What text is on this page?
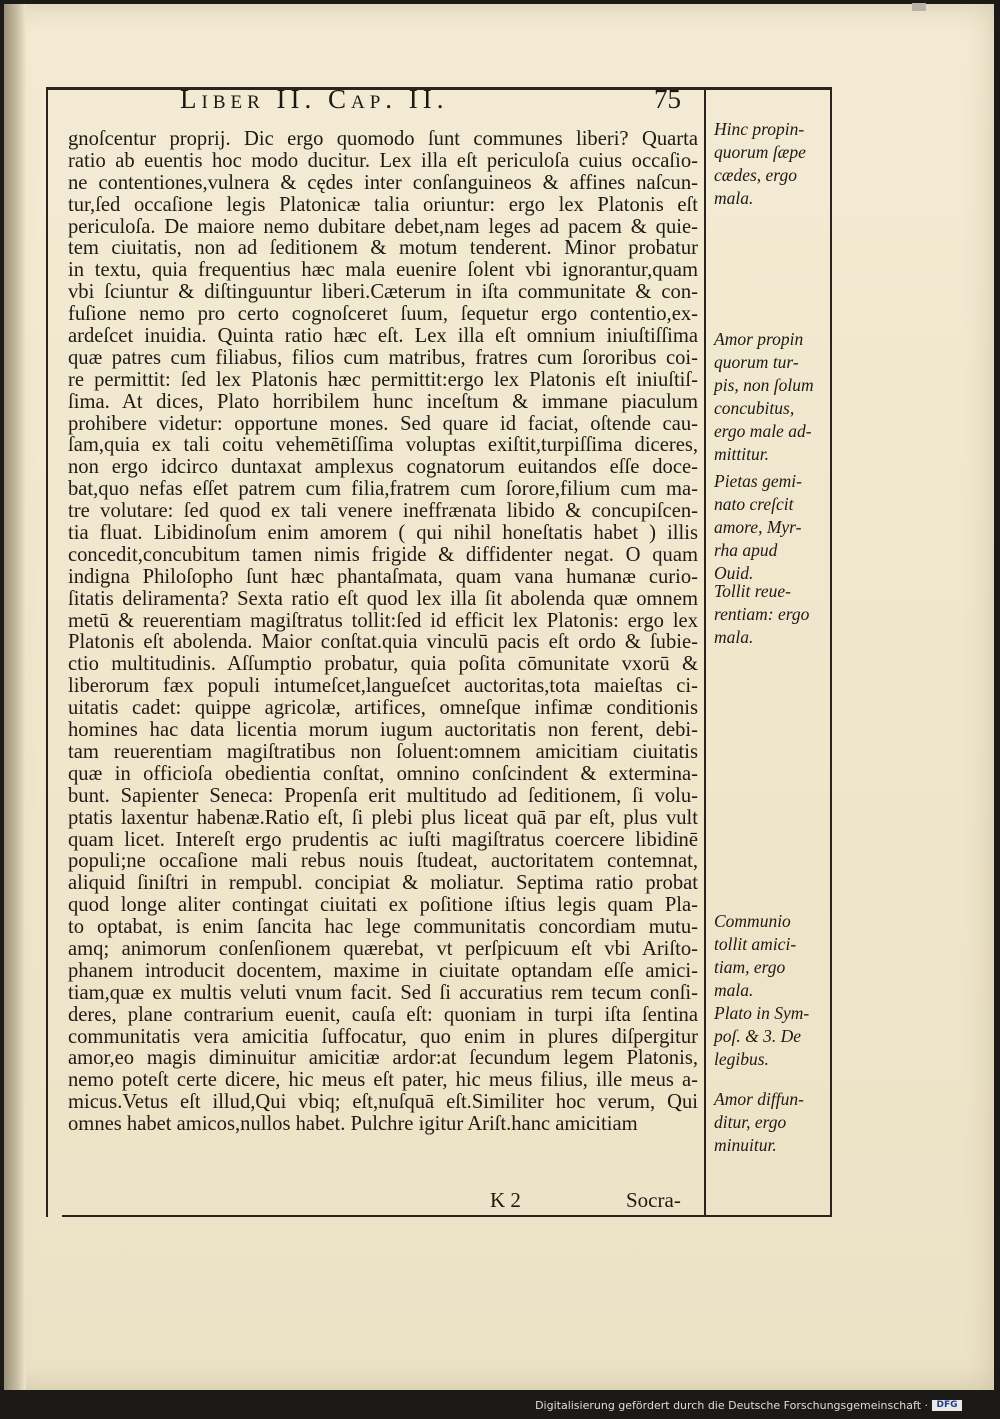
Liber II. Cap. II.	75
gnoſcentur proprij. Dic ergo quomodo ſunt communes liberi? Quarta
ratio ab euentis hoc modo ducitur. Lex illa eſt periculoſa cuius occaſio-
ne contentiones,vulnera & cędes inter conſanguineos & affines naſcun-
tur,ſed occaſione legis Platonicæ talia oriuntur: ergo lex Platonis eſt
periculoſa. De maiore nemo dubitare debet,nam leges ad pacem & quie-
tem ciuitatis, non ad ſeditionem & motum tenderent. Minor probatur
in textu, quia frequentius hæc mala euenire ſolent vbi ignorantur,quam
vbi ſciuntur & diſtinguuntur liberi.Cæterum in iſta communitate & con-
fuſione nemo pro certo cognoſceret ſuum, ſequetur ergo contentio,ex-
ardeſcet inuidia. Quinta ratio hæc eſt. Lex illa eſt omnium iniuſtiſſima
quæ patres cum filiabus, filios cum matribus, fratres cum ſororibus coi-
re permittit: ſed lex Platonis hæc permittit:ergo lex Platonis eſt iniuſtiſ-
ſima. At dices, Plato horribilem hunc inceſtum & immane piaculum
prohibere videtur: opportune mones. Sed quare id faciat, oſtende cau-
ſam,quia ex tali coitu vehemētiſſima voluptas exiſtit,turpiſſima diceres,
non ergo idcirco duntaxat amplexus cognatorum euitandos eſſe doce-
bat,quo nefas eſſet patrem cum filia,fratrem cum ſorore,filium cum ma-
tre volutare: ſed quod ex tali venere ineffrænata libido & concupiſcen-
tia fluat. Libidinoſum enim amorem ( qui nihil honeſtatis habet ) illis
concedit,concubitum tamen nimis frigide & diffidenter negat. O quam
indigna Philoſopho ſunt hæc phantaſmata, quam vana humanæ curio-
ſitatis deliramenta? Sexta ratio eſt quod lex illa ſit abolenda quæ omnem
metū & reuerentiam magiſtratus tollit:ſed id efficit lex Platonis: ergo lex
Platonis eſt abolenda. Maior conſtat.quia vinculū pacis eſt ordo & ſubie-
ctio multitudinis. Aſſumptio probatur, quia poſita cōmunitate vxorū &
liberorum fæx populi intumeſcet,langueſcet auctoritas,tota maieſtas ci-
uitatis cadet: quippe agricolæ, artifices, omneſque infimæ conditionis
homines hac data licentia morum iugum auctoritatis non ferent, debi-
tam reuerentiam magiſtratibus non ſoluent:omnem amicitiam ciuitatis
quæ in officioſa obedientia conſtat, omnino conſcindent & extermina-
bunt. Sapienter Seneca: Propenſa erit multitudo ad ſeditionem, ſi volu-
ptatis laxentur habenæ.Ratio eſt, ſi plebi plus liceat quā par eſt, plus vult
quam licet. Intereſt ergo prudentis ac iuſti magiſtratus coercere libidinē
populi;ne occaſione mali rebus nouis ſtudeat, auctoritatem contemnat,
aliquid ſiniſtri in rempubl. concipiat & moliatur. Septima ratio probat
quod longe aliter contingat ciuitati ex poſitione iſtius legis quam Pla-
to optabat, is enim ſancita hac lege communitatis concordiam mutu-
amq; animorum conſenſionem quærebat, vt perſpicuum eſt vbi Ariſto-
phanem introducit docentem, maxime in ciuitate optandam eſſe amici-
tiam,quæ ex multis veluti vnum facit. Sed ſi accuratius rem tecum conſi-
deres, plane contrarium euenit, cauſa eſt: quoniam in turpi iſta ſentina
communitatis vera amicitia ſuffocatur, quo enim in plures diſpergitur
amor,eo magis diminuitur amicitiæ ardor:at ſecundum legem Platonis,
nemo poteſt certe dicere, hic meus eſt pater, hic meus filius, ille meus a-
micus.Vetus eſt illud,Qui vbiq; eſt,nuſquā eſt.Similiter hoc verum, Qui
omnes habet amicos,nullos habet. Pulchre igitur Ariſt.hanc amicitiam
Hinc propin-
quorum ſæpe
cædes, ergo
mala.
Amor propin
quorum tur-
pis, non ſolum
concubitus,
ergo male ad-
mittitur.
Pietas gemi-
nato creſcit
amore, Myr-
rha apud
Ouid.
Tollit reue-
rentiam: ergo
mala.
Communio
tollit amici-
tiam, ergo
mala.
Plato in Sym-
poſ. & 3. De
legibus.
Amor diffun-
ditur, ergo
minuitur.
K 2	Socra-
Digitalisierung gefördert durch die Deutsche Forschungsgemeinschaft · DFG
